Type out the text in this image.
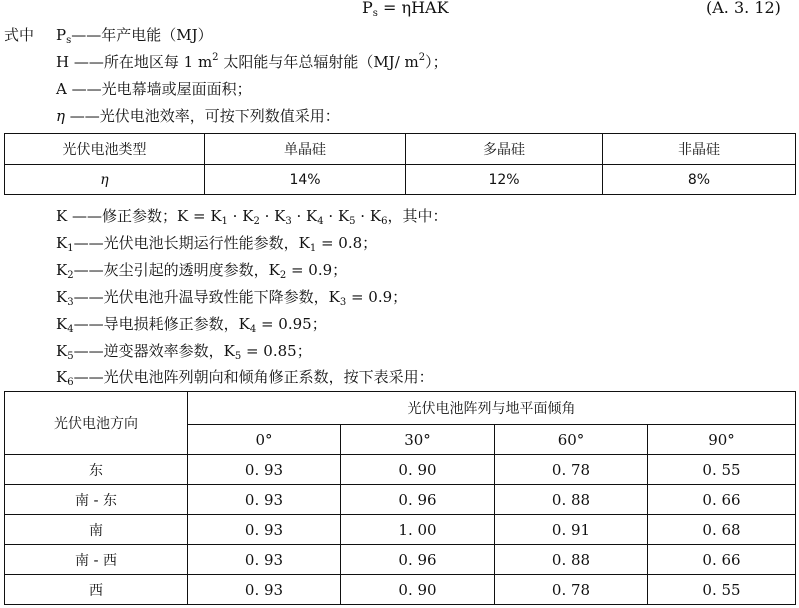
$P_s = \eta HAK$	(A. 3. 12)
式中 $P_s——$年产电能（MJ）
H ——所在地区每 1 $m^2$ 太阳能与年总辐射能（MJ/ $m^2$）；
A ——光电幕墙或屋面面积；
η ——光伏电池效率，可按下列数值采用：
光伏电池类型	单晶硅	多晶硅	非晶硅
η	14%	12%	8%
K ——修正参数；$K = K_1 \cdot K_2 \cdot K_3 \cdot K_4 \cdot K_5 \cdot K_6$，其中：
$K_1——$光伏电池长期运行性能参数，$K_1 = 0.8$；
$K_2——$灰尘引起的透明度参数，$K_2 = 0.9$；
$K_3——$光伏电池升温导致性能下降参数，$K_3 = 0.9$；
$K_4——$导电损耗修正参数，$K_4 = 0.95$；
$K_5——$逆变器效率参数，$K_5 = 0.85$；
$K_6——$光伏电池阵列朝向和倾角修正系数，按下表采用：
光伏电池方向	光伏电池阵列与地平面倾角			
	0°	30°	60°	90°
东	0. 93	0. 90	0. 78	0. 55
南 - 东	0. 93	0. 96	0. 88	0. 66
南	0. 93	1. 00	0. 91	0. 68
南 - 西	0. 93	0. 96	0. 88	0. 66
西	0. 93	0. 90	0. 78	0. 55
